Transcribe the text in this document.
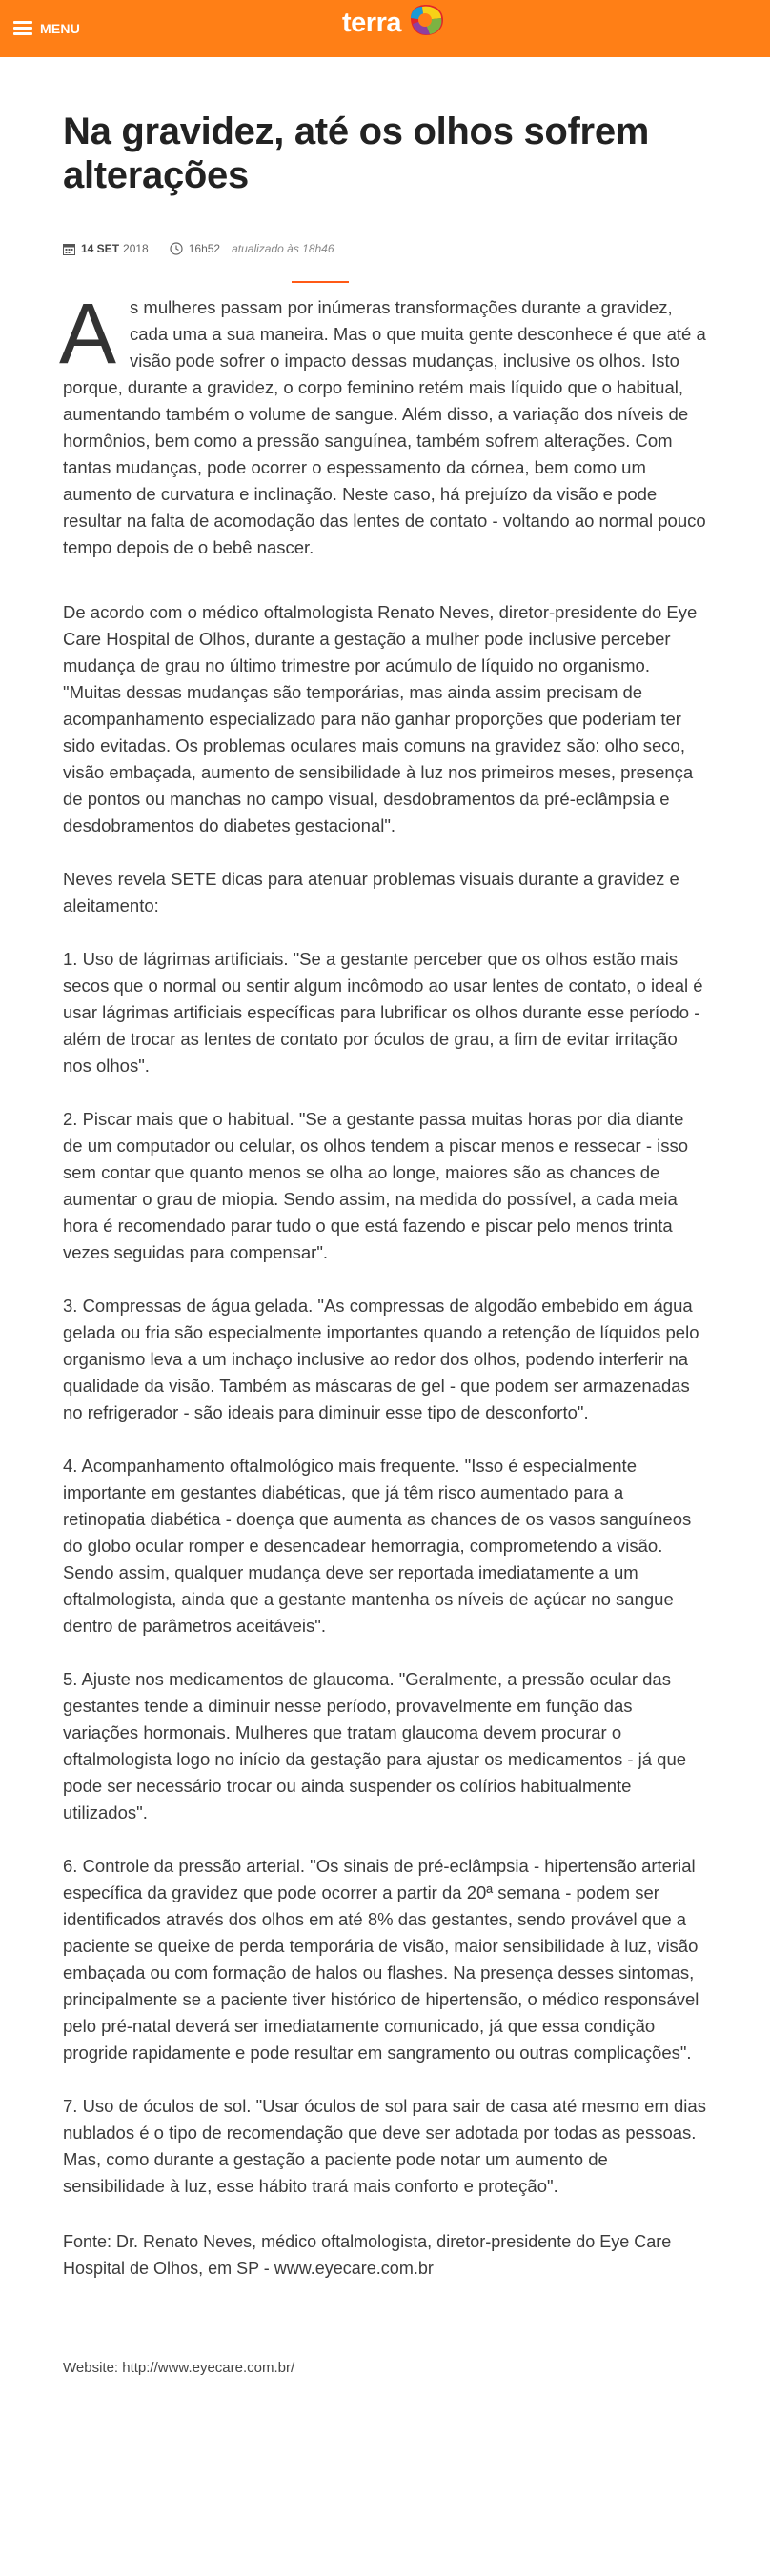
MENU	terra
Na gravidez, até os olhos sofrem alterações
14 SET 2018	16h52 atualizado às 18h46
A s mulheres passam por inúmeras transformações durante a gravidez, cada uma a sua maneira. Mas o que muita gente desconhece é que até a visão pode sofrer o impacto dessas mudanças, inclusive os olhos. Isto porque, durante a gravidez, o corpo feminino retém mais líquido que o habitual, aumentando também o volume de sangue. Além disso, a variação dos níveis de hormônios, bem como a pressão sanguínea, também sofrem alterações. Com tantas mudanças, pode ocorrer o espessamento da córnea, bem como um aumento de curvatura e inclinação. Neste caso, há prejuízo da visão e pode resultar na falta de acomodação das lentes de contato - voltando ao normal pouco tempo depois de o bebê nascer.

De acordo com o médico oftalmologista Renato Neves, diretor-presidente do Eye Care Hospital de Olhos, durante a gestação a mulher pode inclusive perceber mudança de grau no último trimestre por acúmulo de líquido no organismo. "Muitas dessas mudanças são temporárias, mas ainda assim precisam de acompanhamento especializado para não ganhar proporções que poderiam ter sido evitadas. Os problemas oculares mais comuns na gravidez são: olho seco, visão embaçada, aumento de sensibilidade à luz nos primeiros meses, presença de pontos ou manchas no campo visual, desdobramentos da pré-eclâmpsia e desdobramentos do diabetes gestacional".

Neves revela SETE dicas para atenuar problemas visuais durante a gravidez e aleitamento:

1. Uso de lágrimas artificiais. "Se a gestante perceber que os olhos estão mais secos que o normal ou sentir algum incômodo ao usar lentes de contato, o ideal é usar lágrimas artificiais específicas para lubrificar os olhos durante esse período - além de trocar as lentes de contato por óculos de grau, a fim de evitar irritação nos olhos".

2. Piscar mais que o habitual. "Se a gestante passa muitas horas por dia diante de um computador ou celular, os olhos tendem a piscar menos e ressecar - isso sem contar que quanto menos se olha ao longe, maiores são as chances de aumentar o grau de miopia. Sendo assim, na medida do possível, a cada meia hora é recomendado parar tudo o que está fazendo e piscar pelo menos trinta vezes seguidas para compensar".

3. Compressas de água gelada. "As compressas de algodão embebido em água gelada ou fria são especialmente importantes quando a retenção de líquidos pelo organismo leva a um inchaço inclusive ao redor dos olhos, podendo interferir na qualidade da visão. Também as máscaras de gel - que podem ser armazenadas no refrigerador - são ideais para diminuir esse tipo de desconforto".

4. Acompanhamento oftalmológico mais frequente. "Isso é especialmente importante em gestantes diabéticas, que já têm risco aumentado para a retinopatia diabética - doença que aumenta as chances de os vasos sanguíneos do globo ocular romper e desencadear hemorragia, comprometendo a visão. Sendo assim, qualquer mudança deve ser reportada imediatamente a um oftalmologista, ainda que a gestante mantenha os níveis de açúcar no sangue dentro de parâmetros aceitáveis".

5. Ajuste nos medicamentos de glaucoma. "Geralmente, a pressão ocular das gestantes tende a diminuir nesse período, provavelmente em função das variações hormonais. Mulheres que tratam glaucoma devem procurar o oftalmologista logo no início da gestação para ajustar os medicamentos - já que pode ser necessário trocar ou ainda suspender os colírios habitualmente utilizados".

6. Controle da pressão arterial. "Os sinais de pré-eclâmpsia - hipertensão arterial específica da gravidez que pode ocorrer a partir da 20ª semana - podem ser identificados através dos olhos em até 8% das gestantes, sendo provável que a paciente se queixe de perda temporária de visão, maior sensibilidade à luz, visão embaçada ou com formação de halos ou flashes. Na presença desses sintomas, principalmente se a paciente tiver histórico de hipertensão, o médico responsável pelo pré-natal deverá ser imediatamente comunicado, já que essa condição progride rapidamente e pode resultar em sangramento ou outras complicações".

7. Uso de óculos de sol. "Usar óculos de sol para sair de casa até mesmo em dias nublados é o tipo de recomendação que deve ser adotada por todas as pessoas. Mas, como durante a gestação a paciente pode notar um aumento de sensibilidade à luz, esse hábito trará mais conforto e proteção".

Fonte: Dr. Renato Neves, médico oftalmologista, diretor-presidente do Eye Care Hospital de Olhos, em SP - www.eyecare.com.br

Website: http://www.eyecare.com.br/
